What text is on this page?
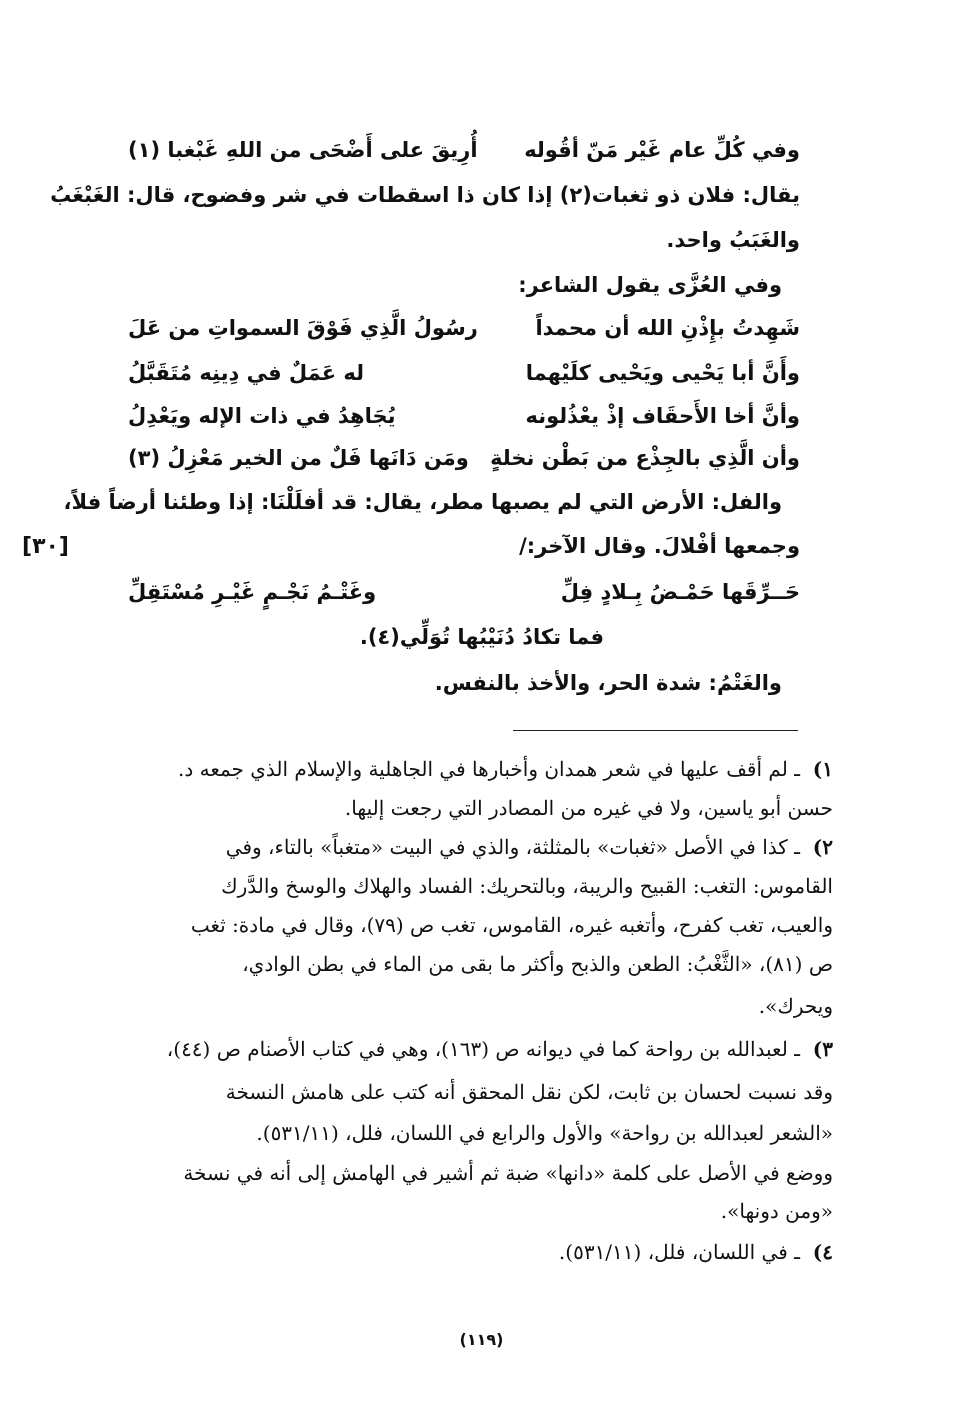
وفي كُلِّ عام غَيْر مَنّ أقُوله
أُرِيقَ على أَضْحَى من اللهِ غَبْغبا (١)
يقال: فلان ذو ثغبات(٢) إذا كان ذا اسقطات في شر وفضوح، قال: الغَبْغَبُ
والغَبَبُ واحد.
وفي العُزَّى يقول الشاعر:
شَهِدتُ بإِذْنِ الله أن محمداً
رسُولُ الَّذِي فَوْقَ السمواتِ من عَلَ
وأَنَّ أبا يَحْيى ويَحْيى كلَيْهما
له عَمَلٌ في دِينِه مُتَقَبَّلُ
وأنَّ أخا الأَحقَاف إذْ يعْذُلونه
يُجَاهِدُ في ذات الإله ويَعْدِلُ
وأن الَّذِي بالجِذْع من بَطْن نخلةٍ
ومَن دَانَها فَلٌ من الخير مَعْزِلُ (٣)
والفل: الأرض التي لم يصبها مطر، يقال: قد أفلَلْنَا: إذا وطئنا أرضاً فلاً،
وجمعها أفْلالَ. وقال الآخر:/
حَــرِّقَها حَمْـضُ بِـلادٍ فِلِّ
وغَتْـمُ نَجْـمٍ غَيْـرِ مُسْتَقِلِّ
فما تكادُ دُنَيْبُها تُوَلِّي(٤).
والغَتْمُ: شدة الحر، والأخذ بالنفس.
[٣٠]
١)ـ لم أقف عليها في شعر همدان وأخبارها في الجاهلية والإسلام الذي جمعه د.
حسن أبو ياسين، ولا في غيره من المصادر التي رجعت إليها.
٢)ـ كذا في الأصل «ثغبات» بالمثلثة، والذي في البيت «متغباً» بالتاء، وفي
القاموس: التغب: القبيح والريبة، وبالتحريك: الفساد والهلاك والوسخ والدَّرك
والعيب، تغب كفرح، وأتغبه غيره، القاموس، تغب ص (٧٩)، وقال في مادة: ثغب
ص (٨١)، «الثَّغْبُ: الطعن والذبح وأكثر ما بقى من الماء في بطن الوادي،
ويحرك».
٣)ـ لعبدالله بن رواحة كما في ديوانه ص (١٦٣)، وهي في كتاب الأصنام ص (٤٤)،
وقد نسبت لحسان بن ثابت، لكن نقل المحقق أنه كتب على هامش النسخة
«الشعر لعبدالله بن رواحة» والأول والرابع في اللسان، فلل، (٥٣١/١١).
ووضع في الأصل على كلمة «دانها» ضبة ثم أشير في الهامش إلى أنه في نسخة
«ومن دونها».
٤)ـ في اللسان، فلل، (٥٣١/١١).
(١١٩)
